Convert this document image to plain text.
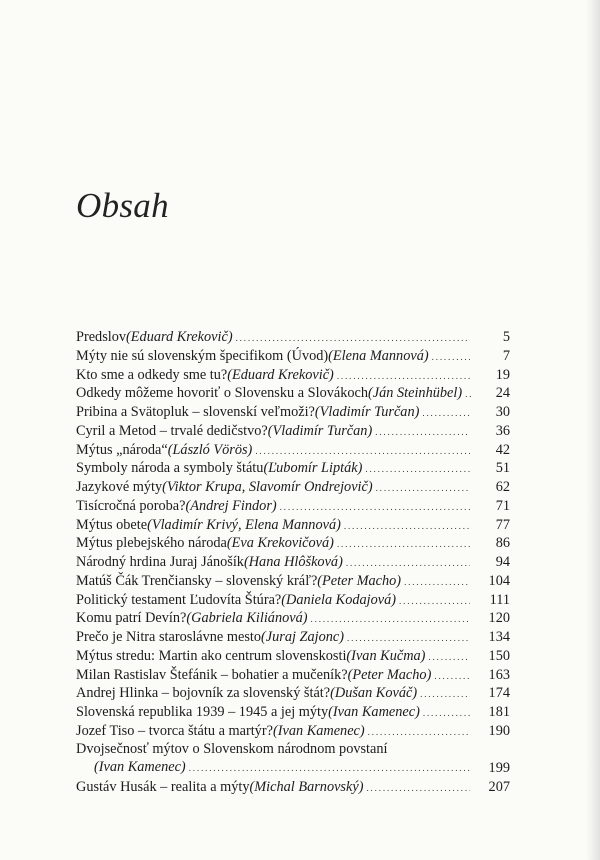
Obsah
Predslov (Eduard Krekovič) . . .	5
Mýty nie sú slovenským špecifikom (Úvod) (Elena Mannová) . . .	7
Kto sme a odkedy sme tu? (Eduard Krekovič) . . .	19
Odkedy môžeme hovoriť o Slovensku a Slovákoch (Ján Steinhübel) . . .	24
Pribina a Svätopluk – slovenskí veľmoži? (Vladimír Turčan) . . .	30
Cyril a Metod – trvalé dedičstvo? (Vladimír Turčan) . . .	36
Mýtus „národa“ (László Vörös) . . .	42
Symboly národa a symboly štátu (Ľubomír Lipták) . . .	51
Jazykové mýty (Viktor Krupa, Slavomír Ondrejovič) . . .	62
Tisícročná poroba? (Andrej Findor) . . .	71
Mýtus obete (Vladimír Krivý, Elena Mannová) . . .	77
Mýtus plebejského národa (Eva Krekovičová) . . .	86
Národný hrdina Juraj Jánošík (Hana Hlôšková) . . .	94
Matúš Čák Trenčiansky – slovenský kráľ? (Peter Macho) . . .	104
Politický testament Ľudovíta Štúra? (Daniela Kodajová) . . .	111
Komu patrí Devín? (Gabriela Kiliánová) . . .	120
Prečo je Nitra staroslávne mesto (Juraj Zajonc) . . .	134
Mýtus stredu: Martin ako centrum slovenskosti (Ivan Kučma) . . .	150
Milan Rastislav Štefánik – bohatier a mučeník? (Peter Macho) . . .	163
Andrej Hlinka – bojovník za slovenský štát? (Dušan Kováč) . . .	174
Slovenská republika 1939 – 1945 a jej mýty (Ivan Kamenec) . . .	181
Jozef Tiso – tvorca štátu a martýr? (Ivan Kamenec) . . .	190
Dvojsečnosť mýtov o Slovenskom národnom povstaní
(Ivan Kamenec) . . .	199
Gustáv Husák – realita a mýty (Michal Barnovský) . . .	207
